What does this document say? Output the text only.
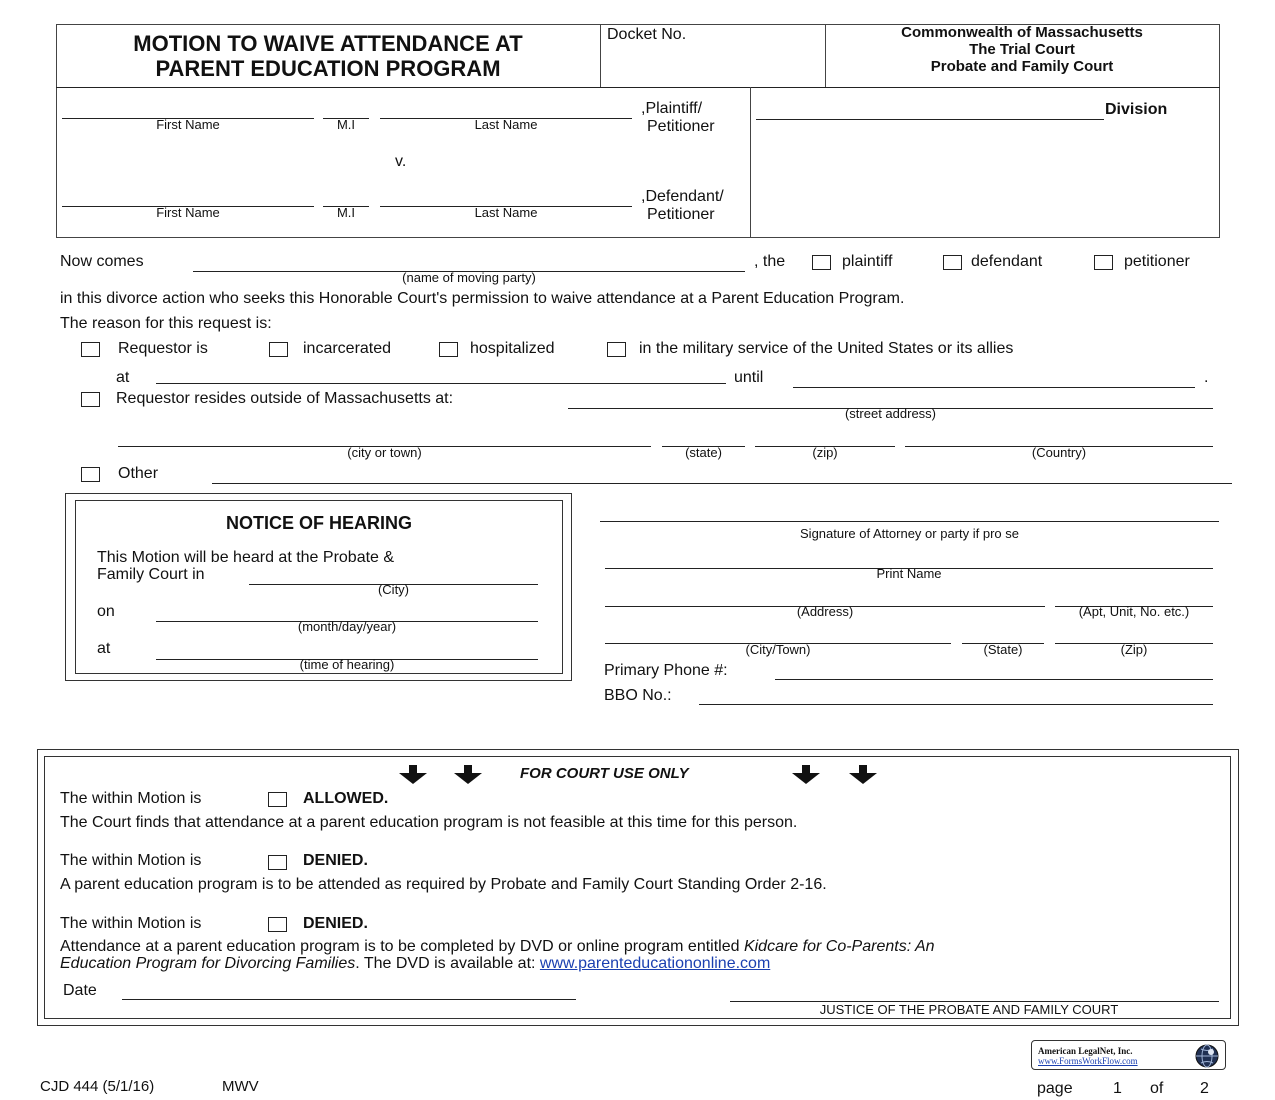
MOTION TO WAIVE ATTENDANCE AT
PARENT EDUCATION PROGRAM
Docket No.	Commonwealth of Massachusetts
The Trial Court
Probate and Family Court
First Name	M.I	Last Name
,Plaintiff/
Petitioner
v.
First Name	M.I	Last Name
,Defendant/
Petitioner
Division
Now comes
(name of moving party)
, the	plaintiff	defendant	petitioner
in this divorce action who seeks this Honorable Court's permission to waive attendance at a Parent Education Program.
The reason for this request is:
Requestor is	incarcerated	hospitalized	in the military service of the United States or its allies
at	until	.
Requestor resides outside of Massachusetts at:
(street address)
(city or town)	(state)	(zip)	(Country)
Other
NOTICE OF HEARING
This Motion will be heard at the Probate &
Family Court in
(City)
on
(month/day/year)
at
(time of hearing)
Signature of Attorney or party if pro se
Print Name
(Address)	(Apt, Unit, No. etc.)
(City/Town)	(State)	(Zip)
Primary Phone #:
BBO No.:
FOR COURT USE ONLY
The within Motion is	ALLOWED.
The Court finds that attendance at a parent education program is not feasible at this time for this person.
The within Motion is	DENIED.
A parent education program is to be attended as required by Probate and Family Court Standing Order 2-16.
The within Motion is	DENIED.
Attendance at a parent education program is to be completed by DVD or online program entitled Kidcare for Co-Parents: An
Education Program for Divorcing Families. The DVD is available at: www.parenteducationonline.com
Date
JUSTICE OF THE PROBATE AND FAMILY COURT
CJD 444 (5/1/16)	MWV
American LegalNet, Inc.
www.FormsWorkFlow.com
page	1 of 2
